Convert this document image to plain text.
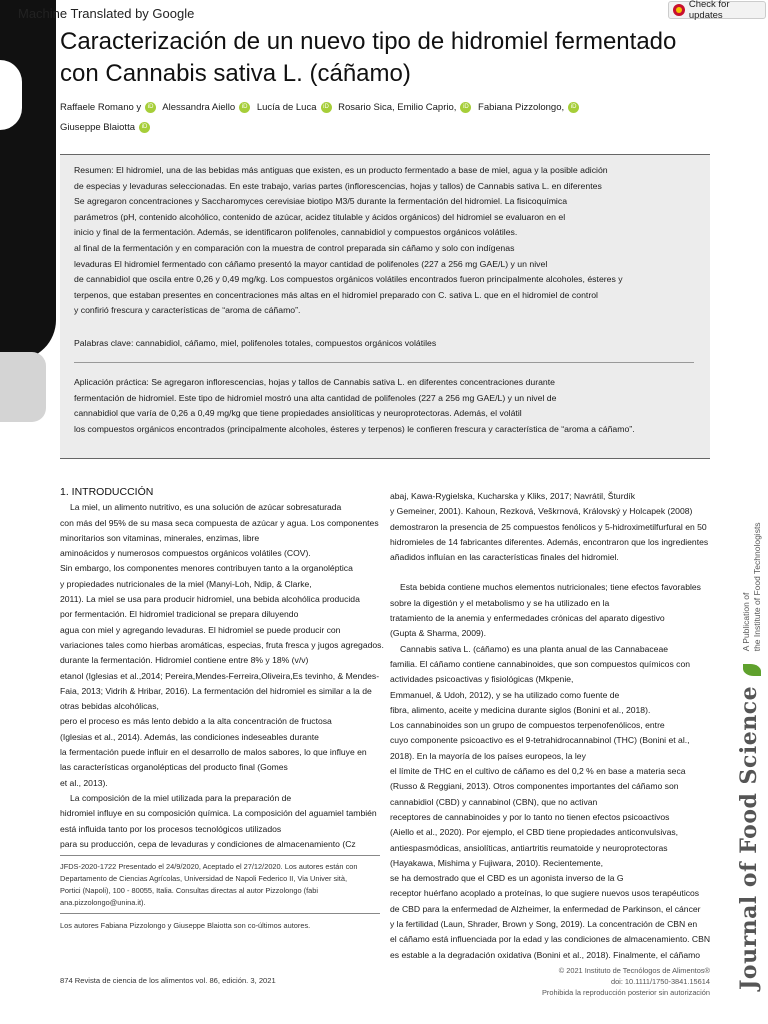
Machine Translated by Google
Check for updates
Caracterización de un nuevo tipo de hidromiel fermentado con Cannabis sativa L. (cáñamo)
Raffaele Romano y iD Alessandra Aiello iD Lucía de Luca iD Rosario Sica, Emilio Caprio, iD Fabiana Pizzolongo, iD
Giuseppe Blaiotta iD
Resumen: El hidromiel, una de las bebidas más antiguas que existen, es un producto fermentado a base de miel, agua y la posible adición
de especias y levaduras seleccionadas. En este trabajo, varias partes (inflorescencias, hojas y tallos) de Cannabis sativa L. en diferentes
Se agregaron concentraciones y Saccharomyces cerevisiae biotipo M3/5 durante la fermentación del hidromiel. La fisicoquímica
parámetros (pH, contenido alcohólico, contenido de azúcar, acidez titulable y ácidos orgánicos) del hidromiel se evaluaron en el
inicio y final de la fermentación. Además, se identificaron polifenoles, cannabidiol y compuestos orgánicos volátiles.
al final de la fermentación y en comparación con la muestra de control preparada sin cáñamo y solo con indígenas
levaduras El hidromiel fermentado con cáñamo presentó la mayor cantidad de polifenoles (227 a 256 mg GAE/L) y un nivel
de cannabidiol que oscila entre 0,26 y 0,49 mg/kg. Los compuestos orgánicos volátiles encontrados fueron principalmente alcoholes, ésteres y
terpenos, que estaban presentes en concentraciones más altas en el hidromiel preparado con C. sativa L. que en el hidromiel de control
y confirió frescura y características de “aroma de cáñamo”.
Palabras clave: cannabidiol, cáñamo, miel, polifenoles totales, compuestos orgánicos volátiles
Aplicación práctica: Se agregaron inflorescencias, hojas y tallos de Cannabis sativa L. en diferentes concentraciones durante
fermentación de hidromiel. Este tipo de hidromiel mostró una alta cantidad de polifenoles (227 a 256 mg GAE/L) y un nivel de
cannabidiol que varía de 0,26 a 0,49 mg/kg que tiene propiedades ansiolíticas y neuroprotectoras. Además, el volátil
los compuestos orgánicos encontrados (principalmente alcoholes, ésteres y terpenos) le confieren frescura y característica de “aroma a cáñamo”.
1. INTRODUCCIÓN
La miel, un alimento nutritivo, es una solución de azúcar sobresaturada
con más del 95% de su masa seca compuesta de azúcar y agua. Los componentes
minoritarios son vitaminas, minerales, enzimas, libre
aminoácidos y numerosos compuestos orgánicos volátiles (COV).
Sin embargo, los componentes menores contribuyen tanto a la organoléptica
y propiedades nutricionales de la miel (Manyi-Loh, Ndip, & Clarke,
2011). La miel se usa para producir hidromiel, una bebida alcohólica producida
por fermentación. El hidromiel tradicional se prepara diluyendo
agua con miel y agregando levaduras. El hidromiel se puede producir con
variaciones tales como hierbas aromáticas, especias, fruta fresca y jugos agregados.
durante la fermentación. Hidromiel contiene entre 8% y 18% (v/v)
etanol (Iglesias et al.,2014; Pereira,Mendes-Ferreira,Oliveira,Es tevinho, & Mendes-
Faia, 2013; Vidrih & Hribar, 2016). La fermentación del hidromiel es similar a la de
otras bebidas alcohólicas,
pero el proceso es más lento debido a la alta concentración de fructosa
(Iglesias et al., 2014). Además, las condiciones indeseables durante
la fermentación puede influir en el desarrollo de malos sabores, lo que influye en
las características organolépticas del producto final (Gomes
et al., 2013).
La composición de la miel utilizada para la preparación de
hidromiel influye en su composición química. La composición del aguamiel también
está influida tanto por los procesos tecnológicos utilizados
para su producción, cepa de levaduras y condiciones de almacenamiento (Cz
JFDS-2020-1722 Presentado el 24/9/2020, Aceptado el 27/12/2020. Los autores están con
Departamento de Ciencias Agrícolas, Universidad de Napoli Federico II, Via Univer sità,
Portici (Napoli), 100 - 80055, Italia. Consultas directas al autor Pizzolongo (fabi
ana.pizzolongo@unina.it).
Los autores Fabiana Pizzolongo y Giuseppe Blaiotta son co-últimos autores.
abaj, Kawa-Rygielska, Kucharska y Kliks, 2017; Navrátil, Šturdík
y Gemeiner, 2001). Kahoun, Rezková, Veškrnová, Královský y Holcapek (2008)
demostraron la presencia de 25 compuestos fenólicos y 5-hidroximetilfurfural en 50
hidromieles de 14 fabricantes diferentes. Además, encontraron que los ingredientes
añadidos influían en las características finales del hidromiel.
Esta bebida contiene muchos elementos nutricionales; tiene efectos favorables
sobre la digestión y el metabolismo y se ha utilizado en la
tratamiento de la anemia y enfermedades crónicas del aparato digestivo
(Gupta & Sharma, 2009).
Cannabis sativa L. (cáñamo) es una planta anual de las Cannabaceae
familia. El cáñamo contiene cannabinoides, que son compuestos químicos con
actividades psicoactivas y fisiológicas (Mkpenie,
Emmanuel, & Udoh, 2012), y se ha utilizado como fuente de
fibra, alimento, aceite y medicina durante siglos (Bonini et al., 2018).
Los cannabinoides son un grupo de compuestos terpenofenólicos, entre
cuyo componente psicoactivo es el 9-tetrahidrocannabinol (THC) (Bonini et al.,
2018). En la mayoría de los países europeos, la ley
el límite de THC en el cultivo de cáñamo es del 0,2 % en base a materia seca
(Russo & Reggiani, 2013). Otros componentes importantes del cáñamo son
cannabidiol (CBD) y cannabinol (CBN), que no activan
receptores de cannabinoides y por lo tanto no tienen efectos psicoactivos
(Aiello et al., 2020). Por ejemplo, el CBD tiene propiedades anticonvulsivas,
antiespasmódicas, ansiolíticas, antiartritis reumatoide y neuroprotectoras
(Hayakawa, Mishima y Fujiwara, 2010). Recientemente,
se ha demostrado que el CBD es un agonista inverso de la G
receptor huérfano acoplado a proteínas, lo que sugiere nuevos usos terapéuticos
de CBD para la enfermedad de Alzheimer, la enfermedad de Parkinson, el cáncer
y la fertilidad (Laun, Shrader, Brown y Song, 2019). La concentración de CBN en
el cáñamo está influenciada por la edad y las condiciones de almacenamiento. CBN
es estable a la degradación oxidativa (Bonini et al., 2018). Finalmente, el cáñamo
874 Revista de ciencia de los alimentos vol. 86, edición. 3, 2021
© 2021 Instituto de Tecnólogos de Alimentos®
doi: 10.1111/1750-3841.15614
Prohibida la reproducción posterior sin autorización
Journal of Food Science
A Publication of the Institute of Food Technologists
